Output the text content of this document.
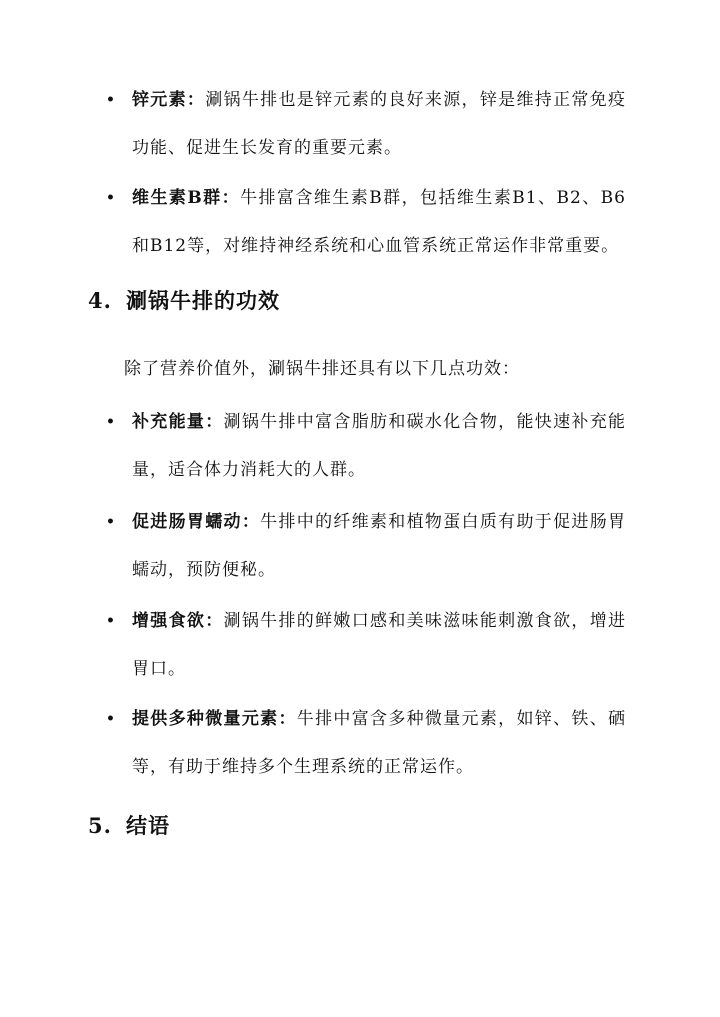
• 锌元素：涮锅牛排也是锌元素的良好来源，锌是维持正常免疫功能、促进生长发育的重要元素。
• 维生素B群：牛排富含维生素B群，包括维生素B1、B2、B6和B12等，对维持神经系统和心血管系统正常运作非常重要。
4. 涮锅牛排的功效
除了营养价值外，涮锅牛排还具有以下几点功效：
• 补充能量：涮锅牛排中富含脂肪和碳水化合物，能快速补充能量，适合体力消耗大的人群。
• 促进肠胃蠕动：牛排中的纤维素和植物蛋白质有助于促进肠胃蠕动，预防便秘。
• 增强食欲：涮锅牛排的鲜嫩口感和美味滋味能刺激食欲，增进胃口。
• 提供多种微量元素：牛排中富含多种微量元素，如锌、铁、硒等，有助于维持多个生理系统的正常运作。
5. 结语
